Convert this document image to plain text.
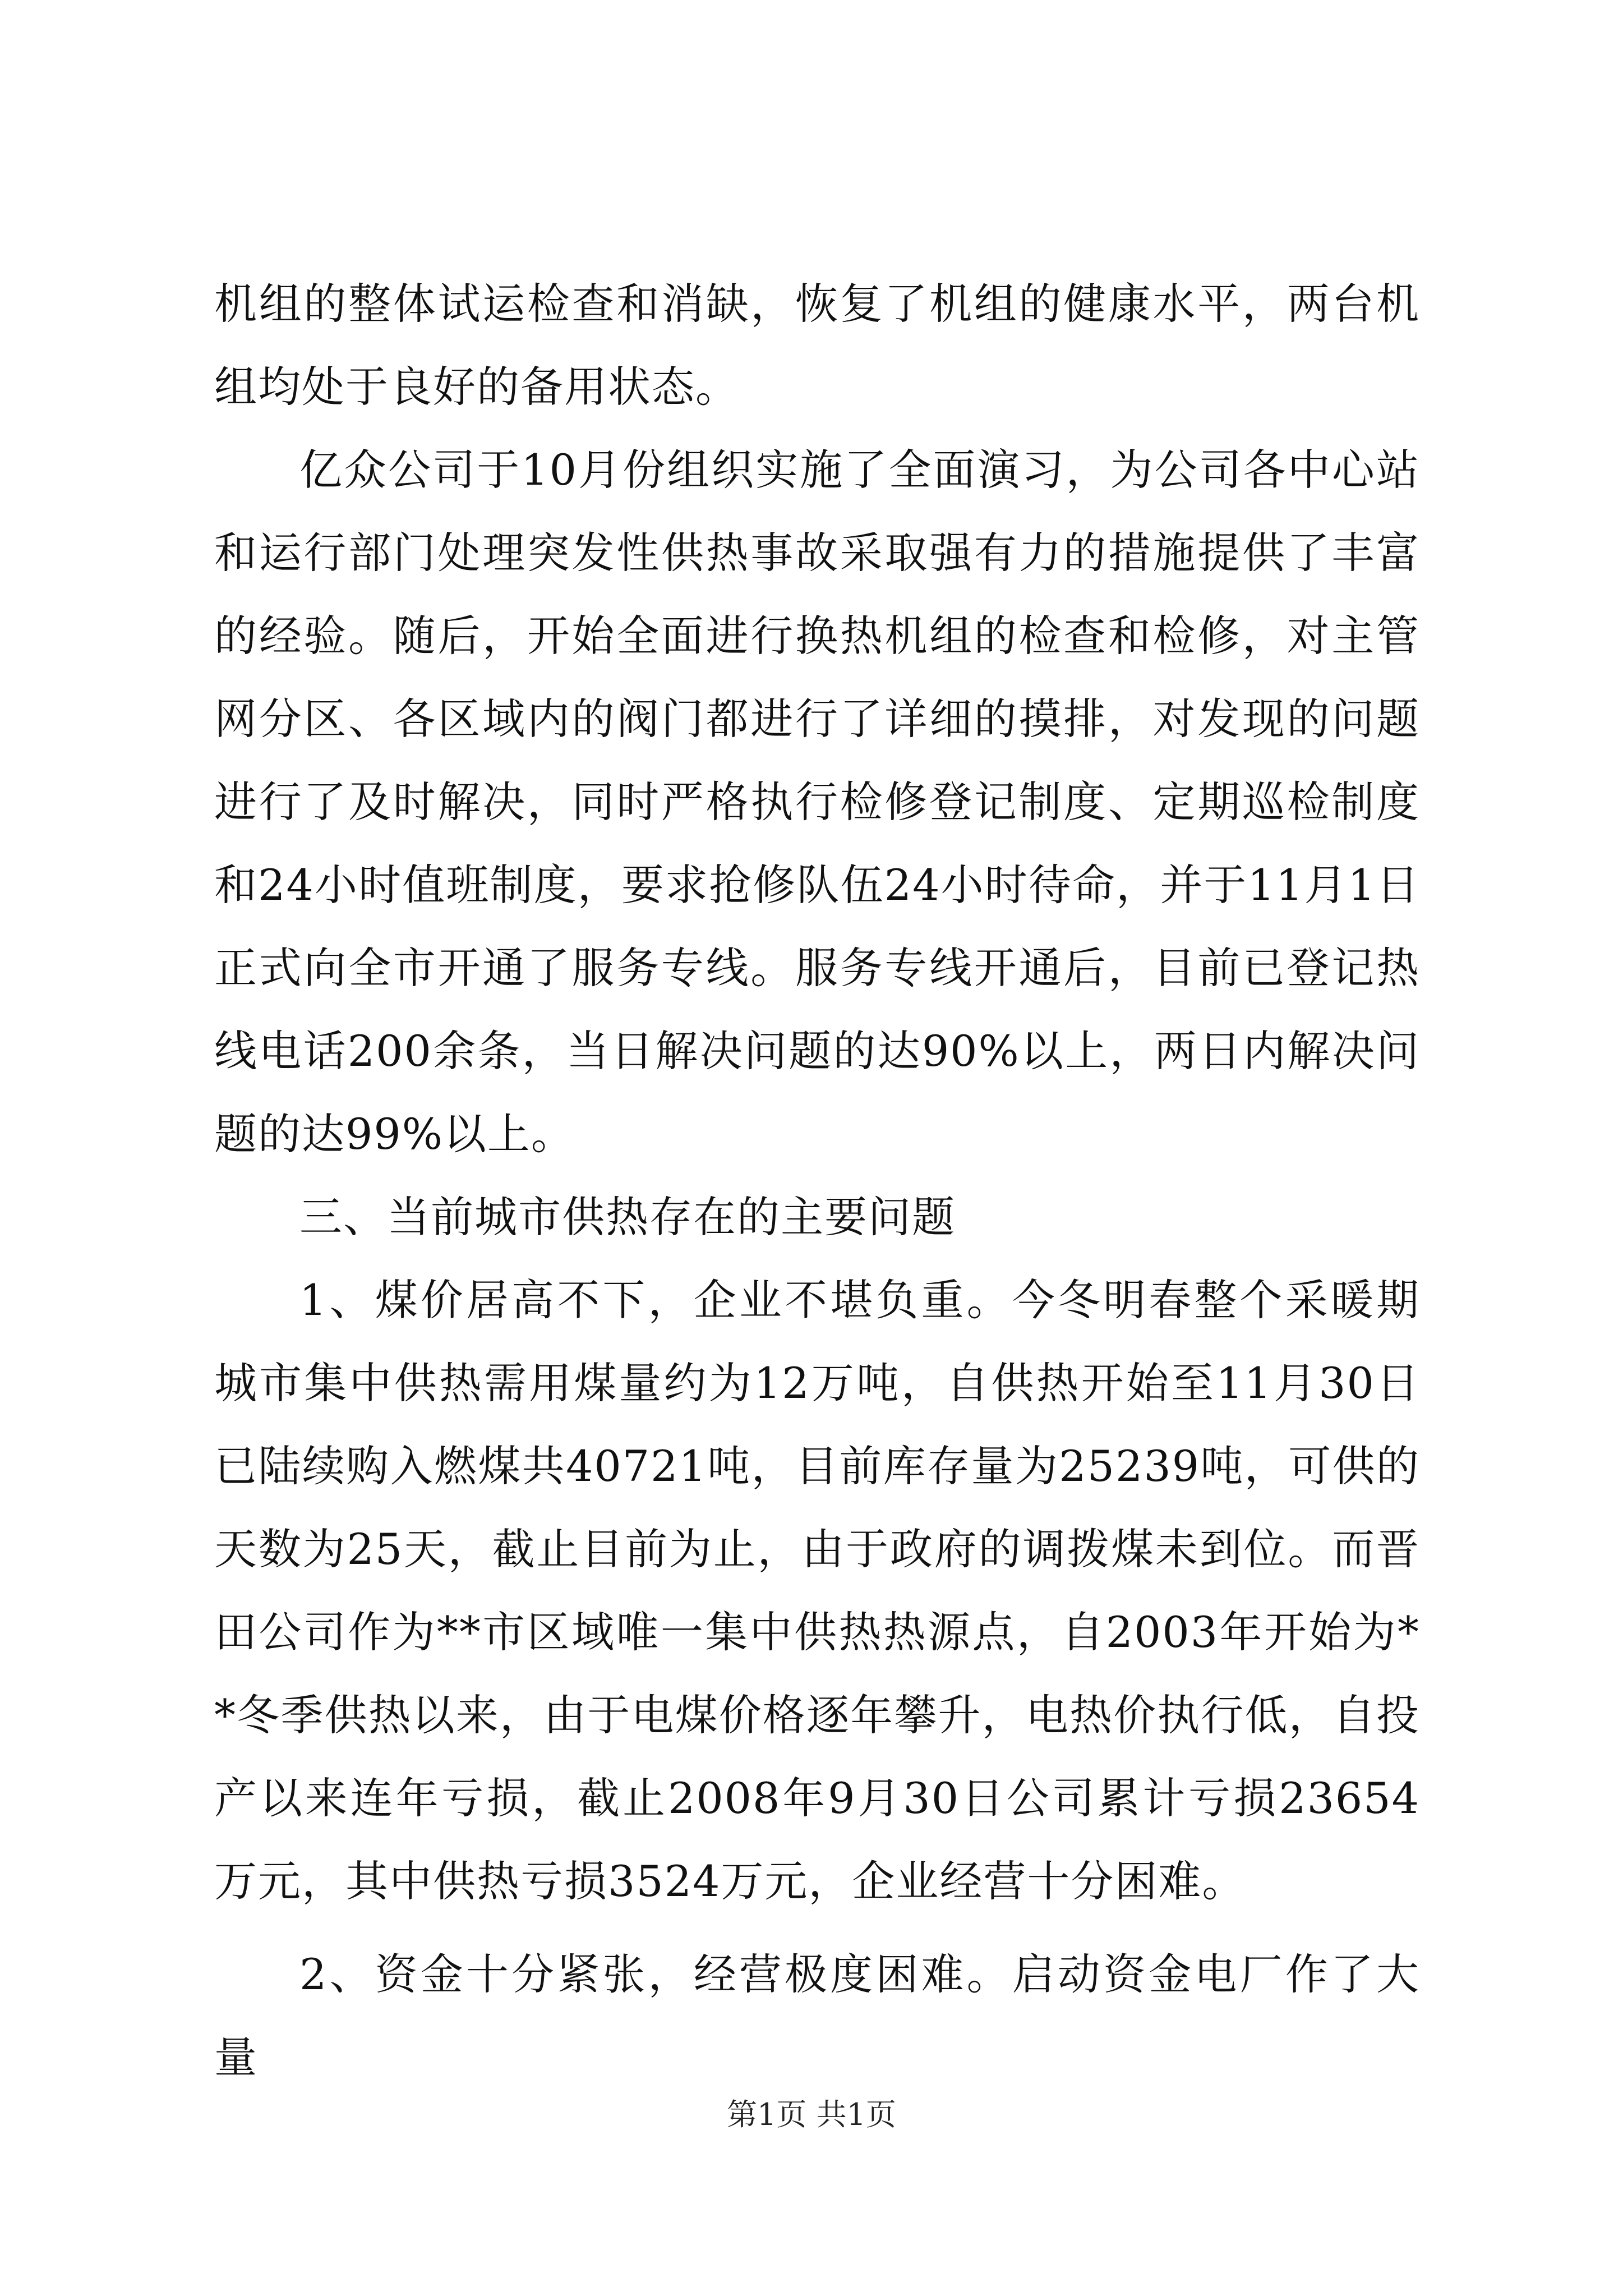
机组的整体试运检查和消缺，恢复了机组的健康水平，两台机组均处于良好的备用状态。

亿众公司于10月份组织实施了全面演习，为公司各中心站和运行部门处理突发性供热事故采取强有力的措施提供了丰富的经验。随后，开始全面进行换热机组的检查和检修，对主管网分区、各区域内的阀门都进行了详细的摸排，对发现的问题进行了及时解决，同时严格执行检修登记制度、定期巡检制度和24小时值班制度，要求抢修队伍24小时待命，并于11月1日正式向全市开通了服务专线。服务专线开通后，目前已登记热线电话200余条，当日解决问题的达90%以上，两日内解决问题的达99%以上。

三、当前城市供热存在的主要问题

1、煤价居高不下，企业不堪负重。今冬明春整个采暖期城市集中供热需用煤量约为12万吨，自供热开始至11月30日已陆续购入燃煤共40721吨，目前库存量为25239吨，可供的天数为25天，截止目前为止，由于政府的调拨煤未到位。而晋田公司作为**市区域唯一集中供热热源点，自2003年开始为**冬季供热以来，由于电煤价格逐年攀升，电热价执行低，自投产以来连年亏损，截止2008年9月30日公司累计亏损23654万元，其中供热亏损3524万元，企业经营十分困难。

2、资金十分紧张，经营极度困难。启动资金电厂作了大量

第1页 共1页
